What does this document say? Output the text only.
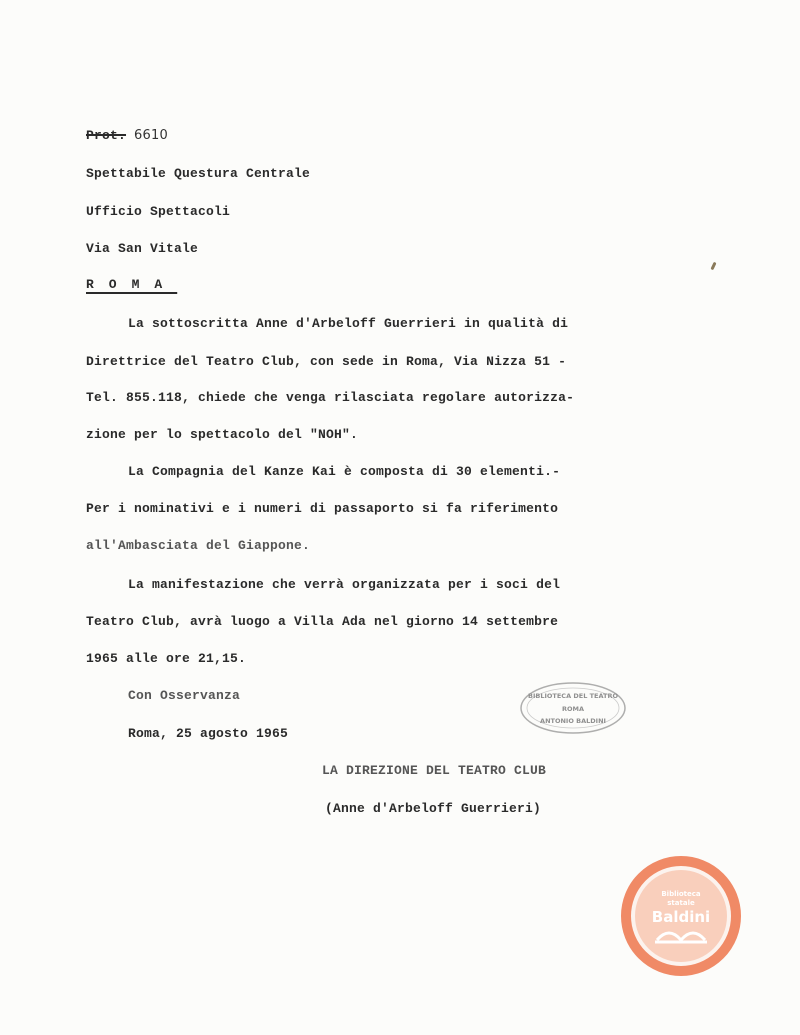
Prot. 6610
Spettabile Questura Centrale
Ufficio Spettacoli
Via San Vitale
ROMA
La sottoscritta Anne d'Arbeloff Guerrieri in qualità di
Direttrice del Teatro Club, con sede in Roma, Via Nizza 51 -
Tel. 855.118, chiede che venga rilasciata regolare autorizza-
zione per lo spettacolo del "NOH".
La Compagnia del Kanze Kai è composta di 30 elementi.-
Per i nominativi e i numeri di passaporto si fa riferimento
all'Ambasciata del Giappone.
La manifestazione che verrà organizzata per i soci del
Teatro Club, avrà luogo a Villa Ada nel giorno 14 settembre
1965 alle ore 21,15.
Con Osservanza
Roma, 25 agosto 1965
LA DIREZIONE DEL TEATRO CLUB
(Anne d'Arbeloff Guerrieri)
BIBLIOTECA DEL TEATRO
ROMA
ANTONIO BALDINI
Biblioteca
statale
Baldini
